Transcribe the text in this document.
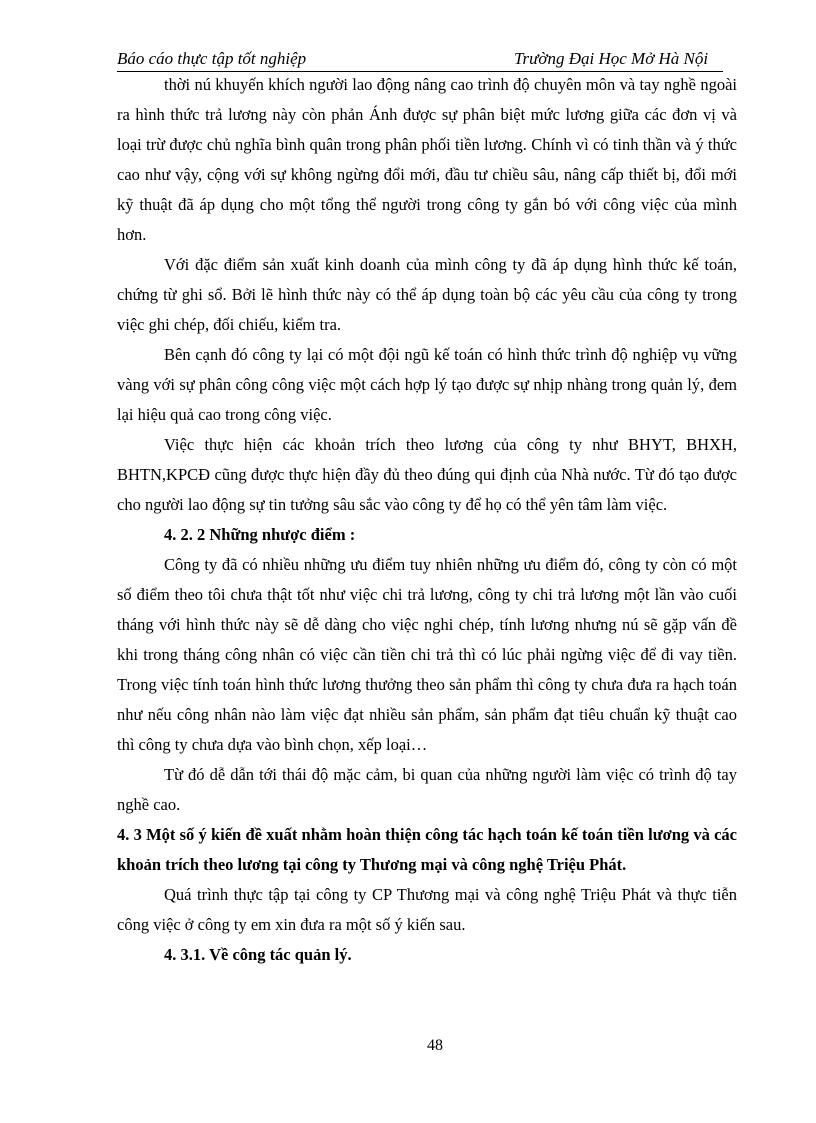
Báo cáo thực tập tốt nghiệp	Trường Đại Học Mở Hà Nội

thời nú khuyến khích người lao động nâng cao trình độ chuyên môn và tay nghề ngoài ra hình thức trả lương này còn phản Ánh được sự phân biệt mức lương giữa các đơn vị và loại trừ được chủ nghĩa bình quân trong phân phối tiền lương. Chính vì có tinh thần và ý thức cao như vậy, cộng với sự không ngừng đổi mới, đầu tư chiều sâu, nâng cấp thiết bị, đổi mới kỹ thuật đã áp dụng cho một tổng thể người trong công ty gắn bó với công việc của mình hơn.

Với đặc điểm sản xuất kinh doanh của mình công ty đã áp dụng hình thức kế toán, chứng từ ghi sổ. Bởi lẽ hình thức này có thể áp dụng toàn bộ các yêu cầu của công ty trong việc ghi chép, đối chiếu, kiểm tra.

Bên cạnh đó công ty lại có một đội ngũ kế toán có hình thức trình độ nghiệp vụ vững vàng với sự phân công công việc một cách hợp lý tạo được sự nhịp nhàng trong quản lý, đem lại hiệu quả cao trong công việc.

Việc thực hiện các khoản trích theo lương của công ty như BHYT, BHXH, BHTN,KPCĐ cũng được thực hiện đầy đủ theo đúng qui định của Nhà nước. Từ đó tạo được cho người lao động sự tin tưởng sâu sắc vào công ty để họ có thể yên tâm làm việc.

4. 2. 2 Những nhược điểm :

Công ty đã có nhiều những ưu điểm tuy nhiên những ưu điểm đó, công ty còn có một số điểm theo tôi chưa thật tốt như việc chi trả lương, công ty chi trả lương một lần vào cuối tháng với hình thức này sẽ dễ dàng cho việc nghi chép, tính lương nhưng nú sẽ gặp vấn đề khi trong tháng công nhân có việc cần tiền chi trả thì có lúc phải ngừng việc để đi vay tiền. Trong việc tính toán hình thức lương thưởng theo sản phẩm thì công ty chưa đưa ra hạch toán như nếu công nhân nào làm việc đạt nhiều sản phẩm, sản phẩm đạt tiêu chuẩn kỹ thuật cao thì công ty chưa dựa vào bình chọn, xếp loại…

Từ đó dễ dẫn tới thái độ mặc cảm, bi quan của những người làm việc có trình độ tay nghề cao.

4. 3 Một số ý kiến đề xuất nhằm hoàn thiện công tác hạch toán kế toán tiền lương và các khoản trích theo lương tại công ty Thương mại và công nghệ Triệu Phát.

Quá trình thực tập tại công ty CP Thương mại và công nghệ Triệu Phát và thực tiễn công việc ở công ty em xin đưa ra một số ý kiến sau.

4. 3.1. Về công tác quản lý.

48
